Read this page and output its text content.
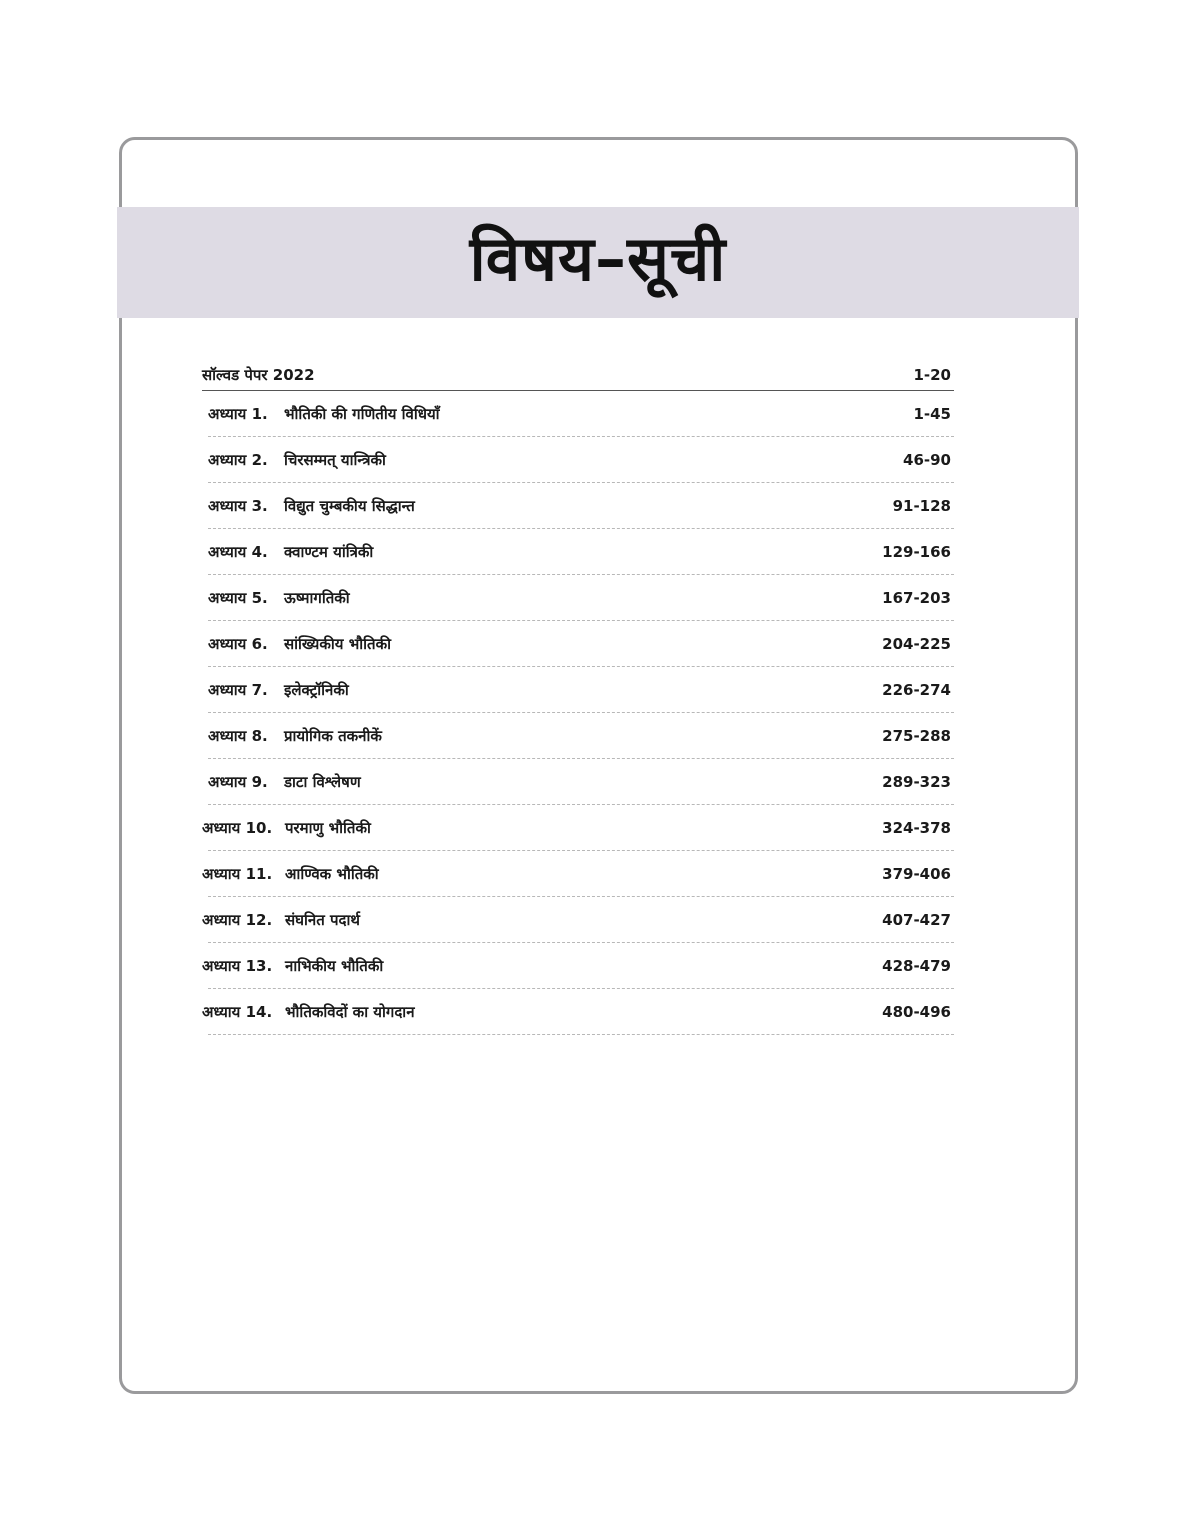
विषय–सूची
सॉल्वड पेपर 2022	1-20
अध्याय 1.	भौतिकी की गणितीय विधियाँ	1-45
अध्याय 2.	चिरसम्मत् यान्त्रिकी	46-90
अध्याय 3.	विद्युत चुम्बकीय सिद्धान्त	91-128
अध्याय 4.	क्वाण्टम यांत्रिकी	129-166
अध्याय 5.	ऊष्मागतिकी	167-203
अध्याय 6.	सांख्यिकीय भौतिकी	204-225
अध्याय 7.	इलेक्ट्रॉनिकी	226-274
अध्याय 8.	प्रायोगिक तकनीकें	275-288
अध्याय 9.	डाटा विश्लेषण	289-323
अध्याय 10. परमाणु भौतिकी	324-378
अध्याय 11. आण्विक भौतिकी	379-406
अध्याय 12. संघनित पदार्थ	407-427
अध्याय 13. नाभिकीय भौतिकी	428-479
अध्याय 14. भौतिकविदों का योगदान	480-496
